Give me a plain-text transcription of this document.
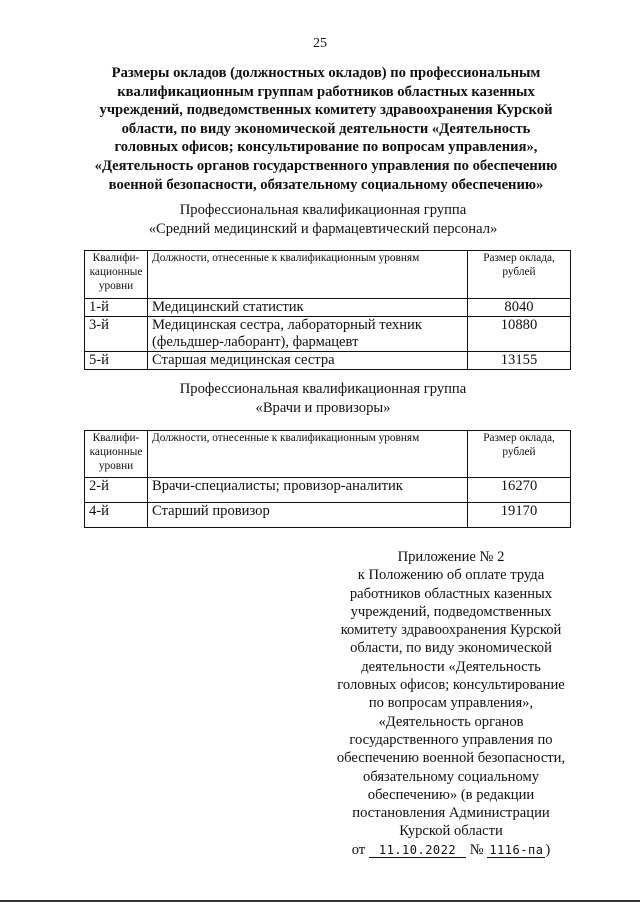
25
Размеры окладов (должностных окладов) по профессиональным
квалификационным группам работников областных казенных
учреждений, подведомственных комитету здравоохранения Курской
области, по виду экономической деятельности «Деятельность
головных офисов; консультирование по вопросам управления»,
«Деятельность органов государственного управления по обеспечению
военной безопасности, обязательному социальному обеспечению»
Профессиональная квалификационная группа
«Средний медицинский и фармацевтический персонал»
Квалифи-кационные уровни	Должности, отнесенные к квалификационным уровням	Размер оклада, рублей
1-й	Медицинский статистик	8040
3-й	Медицинская сестра, лабораторный техник (фельдшер-лаборант), фармацевт	10880
5-й	Старшая медицинская сестра	13155
Профессиональная квалификационная группа
«Врачи и провизоры»
Квалифи-кационные уровни	Должности, отнесенные к квалификационным уровням	Размер оклада, рублей
2-й	Врачи-специалисты; провизор-аналитик	16270
4-й	Старший провизор	19170
Приложение № 2
к Положению об оплате труда
работников областных казенных
учреждений, подведомственных
комитету здравоохранения Курской
области, по виду экономической
деятельности «Деятельность
головных офисов; консультирование
по вопросам управления»,
«Деятельность органов
государственного управления по
обеспечению военной безопасности,
обязательному социальному
обеспечению» (в редакции
постановления Администрации
Курской области
от 11.10.2022 № 1116-па )
